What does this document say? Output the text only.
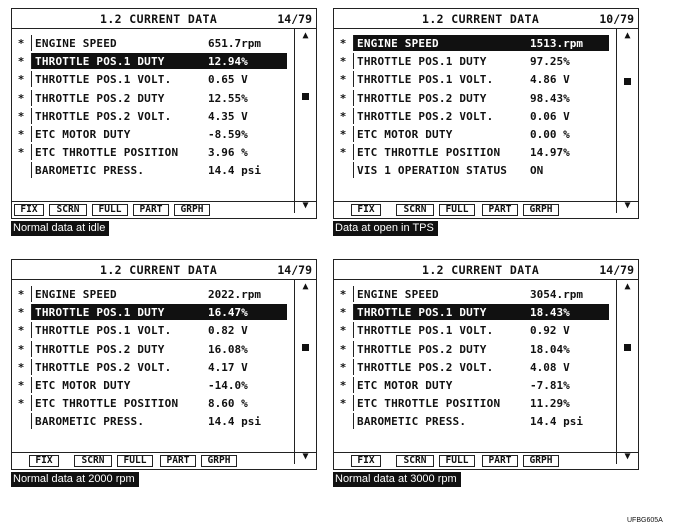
1.2 CURRENT DATA	14/79
* ENGINE SPEED	651.7rpm
* THROTTLE POS.1 DUTY	12.94%
* THROTTLE POS.1 VOLT.	0.65 V
* THROTTLE POS.2 DUTY	12.55%
* THROTTLE POS.2 VOLT.	4.35 V
* ETC MOTOR DUTY	-8.59%
* ETC THROTTLE POSITION	3.96 %
BAROMETIC PRESS.	14.4 psi
▲
▼
FIX	SCRN	FULL	PART	GRPH
Normal data at idle
1.2 CURRENT DATA	10/79
* ENGINE SPEED	1513.rpm
* THROTTLE POS.1 DUTY	97.25%
* THROTTLE POS.1 VOLT.	4.86 V
* THROTTLE POS.2 DUTY	98.43%
* THROTTLE POS.2 VOLT.	0.06 V
* ETC MOTOR DUTY	0.00 %
* ETC THROTTLE POSITION	14.97%
VIS 1 OPERATION STATUS ON
▲
▼
FIX	SCRN	FULL	PART	GRPH
Data at open in TPS
1.2 CURRENT DATA	14/79
* ENGINE SPEED	2022.rpm
* THROTTLE POS.1 DUTY	16.47%
* THROTTLE POS.1 VOLT.	0.82 V
* THROTTLE POS.2 DUTY	16.08%
* THROTTLE POS.2 VOLT.	4.17 V
* ETC MOTOR DUTY	-14.0%
* ETC THROTTLE POSITION	8.60 %
BAROMETIC PRESS.	14.4 psi
▲
▼
FIX	SCRN	FULL	PART	GRPH
Normal data at 2000 rpm
1.2 CURRENT DATA	14/79
* ENGINE SPEED	3054.rpm
* THROTTLE POS.1 DUTY	18.43%
* THROTTLE POS.1 VOLT.	0.92 V
* THROTTLE POS.2 DUTY	18.04%
* THROTTLE POS.2 VOLT.	4.08 V
* ETC MOTOR DUTY	-7.81%
* ETC THROTTLE POSITION	11.29%
BAROMETIC PRESS.	14.4 psi
▲
▼
FIX	SCRN	FULL	PART	GRPH
Normal data at 3000 rpm
UFBG605A
